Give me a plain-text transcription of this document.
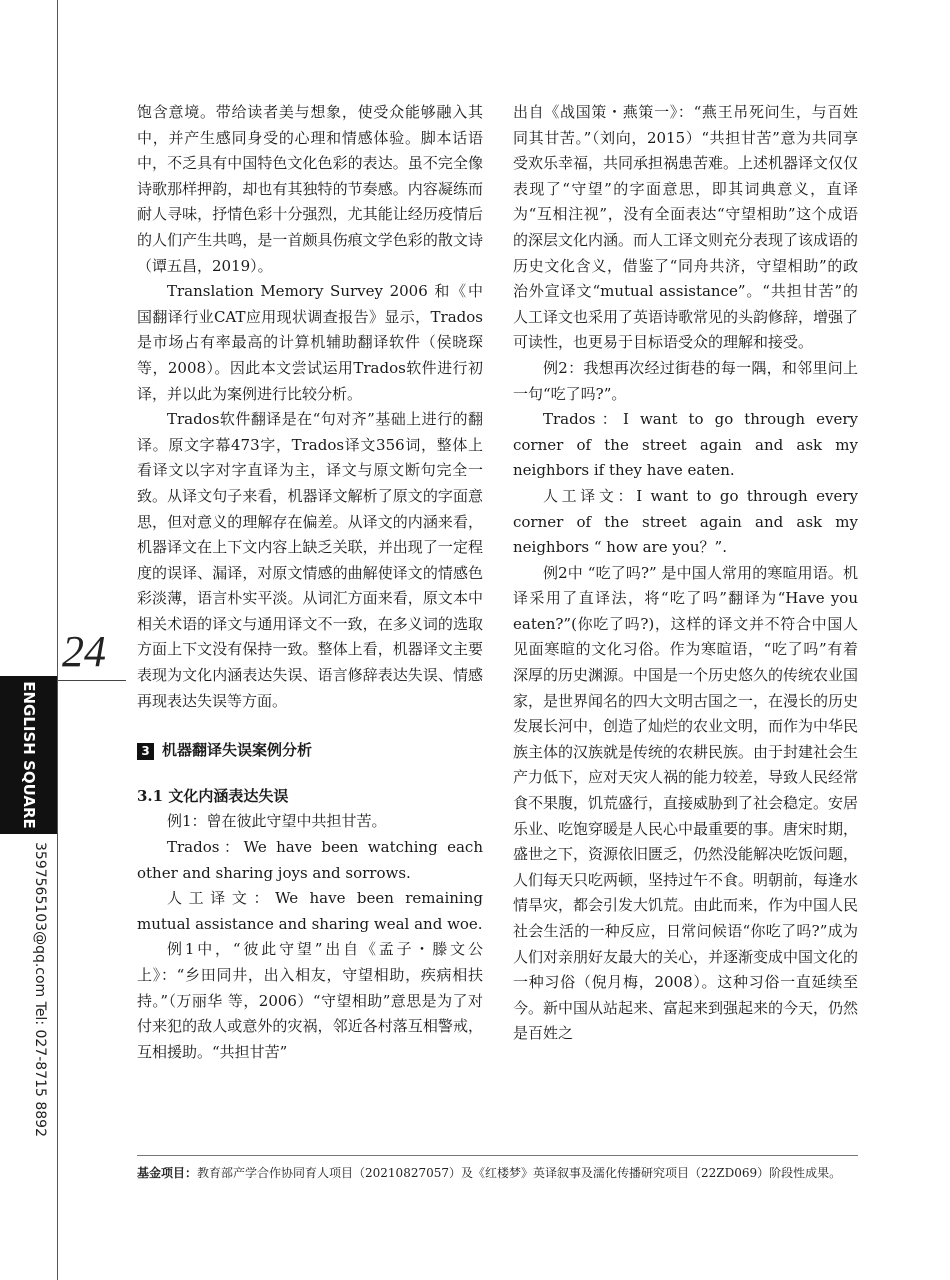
24
ENGLISH SQUARE
3597565103@qq.com Tel: 027-8715 8892

饱含意境。带给读者美与想象，使受众能够融入其中，并产生感同身受的心理和情感体验。脚本话语中，不乏具有中国特色文化色彩的表达。虽不完全像诗歌那样押韵，却也有其独特的节奏感。内容凝练而耐人寻味，抒情色彩十分强烈，尤其能让经历疫情后的人们产生共鸣，是一首颇具伤痕文学色彩的散文诗（谭五昌，2019）。

Translation Memory Survey 2006 和《中国翻译行业CAT应用现状调查报告》显示，Trados是市场占有率最高的计算机辅助翻译软件（侯晓琛 等，2008）。因此本文尝试运用Trados软件进行初译，并以此为案例进行比较分析。

Trados软件翻译是在“句对齐”基础上进行的翻译。原文字幕473字，Trados译文356词，整体上看译文以字对字直译为主，译文与原文断句完全一致。从译文句子来看，机器译文解析了原文的字面意思，但对意义的理解存在偏差。从译文的内涵来看，机器译文在上下文内容上缺乏关联，并出现了一定程度的误译、漏译，对原文情感的曲解使译文的情感色彩淡薄，语言朴实平淡。从词汇方面来看，原文本中相关术语的译文与通用译文不一致，在多义词的选取方面上下文没有保持一致。整体上看，机器译文主要表现为文化内涵表达失误、语言修辞表达失误、情感再现表达失误等方面。

3 机器翻译失误案例分析

3.1 文化内涵表达失误

例1：曾在彼此守望中共担甘苦。

Trados：We have been watching each other and sharing joys and sorrows.

人工译文：We have been remaining mutual assistance and sharing weal and woe.

例1中，“彼此守望”出自《孟子・滕文公上》：“乡田同井，出入相友，守望相助，疾病相扶持。”（万丽华 等，2006）“守望相助”意思是为了对付来犯的敌人或意外的灾祸，邻近各村落互相警戒，互相援助。“共担甘苦”

出自《战国策・燕策一》：“燕王吊死问生，与百姓同其甘苦。”（刘向，2015）“共担甘苦”意为共同享受欢乐幸福，共同承担祸患苦难。上述机器译文仅仅表现了“守望”的字面意思，即其词典意义，直译为“互相注视”，没有全面表达“守望相助”这个成语的深层文化内涵。而人工译文则充分表现了该成语的历史文化含义，借鉴了“同舟共济，守望相助”的政治外宣译文“mutual assistance”。“共担甘苦”的人工译文也采用了英语诗歌常见的头韵修辞，增强了可读性，也更易于目标语受众的理解和接受。

例2：我想再次经过街巷的每一隅，和邻里问上一句“吃了吗?”。

Trados：I want to go through every corner of the street again and ask my neighbors if they have eaten.

人工译文：I want to go through every corner of the street again and ask my neighbors “ how are you？”.

例2中 “吃了吗?” 是中国人常用的寒暄用语。机译采用了直译法，将“吃了吗”翻译为“Have you eaten?”(你吃了吗?)，这样的译文并不符合中国人见面寒暄的文化习俗。作为寒暄语，“吃了吗”有着深厚的历史渊源。中国是一个历史悠久的传统农业国家，是世界闻名的四大文明古国之一，在漫长的历史发展长河中，创造了灿烂的农业文明，而作为中华民族主体的汉族就是传统的农耕民族。由于封建社会生产力低下，应对天灾人祸的能力较差，导致人民经常食不果腹，饥荒盛行，直接威胁到了社会稳定。安居乐业、吃饱穿暖是人民心中最重要的事。唐宋时期，盛世之下，资源依旧匮乏，仍然没能解决吃饭问题，人们每天只吃两顿，坚持过午不食。明朝前，每逢水情旱灾，都会引发大饥荒。由此而来，作为中国人民社会生活的一种反应，日常问候语“你吃了吗?”成为人们对亲朋好友最大的关心，并逐渐变成中国文化的一种习俗（倪月梅，2008）。这种习俗一直延续至今。新中国从站起来、富起来到强起来的今天，仍然是百姓之

基金项目：教育部产学合作协同育人项目（20210827057）及《红楼梦》英译叙事及濡化传播研究项目（22ZD069）阶段性成果。
